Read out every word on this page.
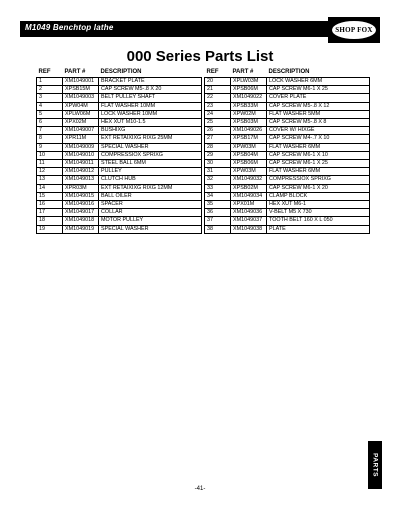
M1049 Benchtop lathe	SHOP FOX
000 Series Parts List
REF	PART #	DESCRIPTION
1	XM1049001	BRACKET PLATE
2	XPSB15M	CAP SCREW M5-.8 X 20
3	XM1049003	BELT PULLEY SHAFT
4	XPW04M	FLAT WASHER 10MM
5	XPLW06M	LOCK WASHER 10MM
6	XPX02M	HEX XUT M10-1.5
7	XM1049007	BUSHIXG
8	XPR11M	EXT RETAIXIXG RIXG 25MM
9	XM1049009	SPECIAL WASHER
10	XM1049010	COMPRESSIOX SPRIXG
11	XM1049011	STEEL BALL 6MM
12	XM1049012	PULLEY
13	XM1049013	CLUTCH HUB
14	XPR03M	EXT RETAIXIXG RIXG 12MM
15	XM1049015	BALL OILER
16	XM1049016	SPACER
17	XM1049017	COLLAR
18	XM1049018	MOTOR PULLEY
19	XM1049019	SPECIAL WASHER
REF	PART #	DESCRIPTION
20	XPLW03M	LOCK WASHER 6MM
21	XPSB06M	CAP SCREW M6-1 X 25
22	XM1049022	COVER PLATE
23	XPSB33M	CAP SCREW M5-.8 X 12
24	XPW02M	FLAT WASHER 5MM
25	XPSB03M	CAP SCREW M5-.8 X 8
26	XM1049026	COVER W/ HIXGE
27	XPSB17M	CAP SCREW M4-.7 X 10
28	XPW03M	FLAT WASHER 6MM
29	XPSB04M	CAP SCREW M6-1 X 10
30	XPSB06M	CAP SCREW M6-1 X 25
31	XPW03M	FLAT WASHER 6MM
32	XM1049032	COMPRESSIOX SPRIXG
33	XPSB02M	CAP SCREW M6-1 X 20
34	XM1049034	CLAMP BLOCK
35	XPX01M	HEX XUT M6-1
36	XM1049036	V-BELT M5 X 730
37	XM1049037	TOOTH BELT 160 X L 050
38	XM1049038	PLATE
PARTS
-41-
